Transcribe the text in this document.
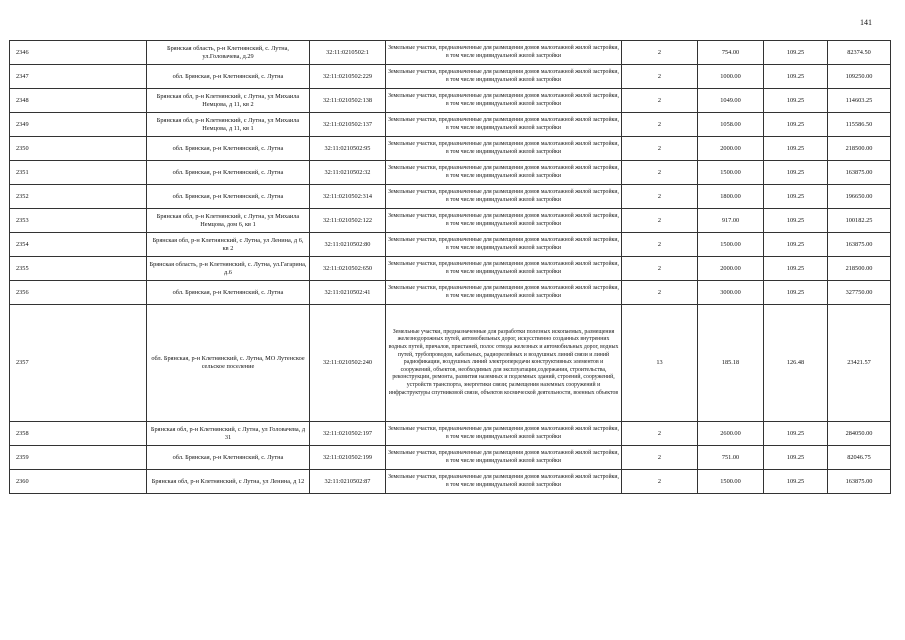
141
2346	Брянская область, р-н Клетнянский, с. Лутна, ул.Головачева, д.29	32:11:0210502:1	Земельные участки, предназначенные для размещения домов малоэтажной жилой застройки, в том числе индивидуальной жилой застройки	2	754.00	109.25	82374.50
2347	обл. Брянская, р-н Клетнянский, с. Лутна	32:11:0210502:229	Земельные участки, предназначенные для размещения домов малоэтажной жилой застройки, в том числе индивидуальной жилой застройки	2	1000.00	109.25	109250.00
2348	Брянская обл, р-н Клетнянский, с Лутна, ул Михаила Немцова, д 11, кв 2	32:11:0210502:138	Земельные участки, предназначенные для размещения домов малоэтажной жилой застройки, в том числе индивидуальной жилой застройки	2	1049.00	109.25	114603.25
2349	Брянская обл, р-н Клетнянский, с Лутна, ул Михаила Немцова, д 11, кв 1	32:11:0210502:137	Земельные участки, предназначенные для размещения домов малоэтажной жилой застройки, в том числе индивидуальной жилой застройки	2	1058.00	109.25	115586.50
2350	обл. Брянская, р-н Клетнянский, с. Лутна	32:11:0210502:95	Земельные участки, предназначенные для размещения домов малоэтажной жилой застройки, в том числе индивидуальной жилой застройки	2	2000.00	109.25	218500.00
2351	обл. Брянская, р-н Клетнянский, с. Лутна	32:11:0210502:32	Земельные участки, предназначенные для размещения домов малоэтажной жилой застройки, в том числе индивидуальной жилой застройки	2	1500.00	109.25	163875.00
2352	обл. Брянская, р-н Клетнянский, с. Лутна	32:11:0210502:314	Земельные участки, предназначенные для размещения домов малоэтажной жилой застройки, в том числе индивидуальной жилой застройки	2	1800.00	109.25	196650.00
2353	Брянская обл, р-н Клетнянский, с Лутна, ул Михаила Немцова, дом 6, кв 1	32:11:0210502:122	Земельные участки, предназначенные для размещения домов малоэтажной жилой застройки, в том числе индивидуальной жилой застройки	2	917.00	109.25	100182.25
2354	Брянская обл, р-н Клетнянский, с Лутна, ул Ленина, д 6, кв 2	32:11:0210502:80	Земельные участки, предназначенные для размещения домов малоэтажной жилой застройки, в том числе индивидуальной жилой застройки	2	1500.00	109.25	163875.00
2355	Брянская область, р-н Клетнянский, с. Лутна, ул.Гагарина, д.6	32:11:0210502:650	Земельные участки, предназначенные для размещения домов малоэтажной жилой застройки, в том числе индивидуальной жилой застройки	2	2000.00	109.25	218500.00
2356	обл. Брянская, р-н Клетнянский, с. Лутна	32:11:0210502:41	Земельные участки, предназначенные для размещения домов малоэтажной жилой застройки, в том числе индивидуальной жилой застройки	2	3000.00	109.25	327750.00
2357	обл. Брянская, р-н Клетнянский, с. Лутна, МО Лутенское сельское поселение	32:11:0210502:240	Земельные участки, предназначенные для разработки полезных ископаемых, размещения железнодорожных путей, автомобильных дорог, искусственно созданных внутренних водных путей, причалов, пристаней, полос отвода железных и автомобильных дорог, водных путей, трубопроводов, кабельных, радиорелейных и воздушных линий связи и линий радиофикации, воздушных линий электропередачи конструктивных элементов и сооружений, объектов, необходимых для эксплуатации,содержания, строительства, реконструкции, ремонта, развития наземных и подземных зданий, строений, сооружений, устройств транспорта, энергетики связи; размещения наземных сооружений и инфраструктуры спутниковой связи, объектов космической деятельности, военных объектов	13	185.18	126.48	23421.57
2358	Брянская обл, р-н Клетнянский, с Лутна, ул Головачева, д 31	32:11:0210502:197	Земельные участки, предназначенные для размещения домов малоэтажной жилой застройки, в том числе индивидуальной жилой застройки	2	2600.00	109.25	284050.00
2359	обл. Брянская, р-н Клетнянский, с. Лутна	32:11:0210502:199	Земельные участки, предназначенные для размещения домов малоэтажной жилой застройки, в том числе индивидуальной жилой застройки	2	751.00	109.25	82046.75
2360	Брянская обл, р-н Клетнянский, с Лутна, ул Ленина, д 12	32:11:0210502:87	Земельные участки, предназначенные для размещения домов малоэтажной жилой застройки, в том числе индивидуальной жилой застройки	2	1500.00	109.25	163875.00
